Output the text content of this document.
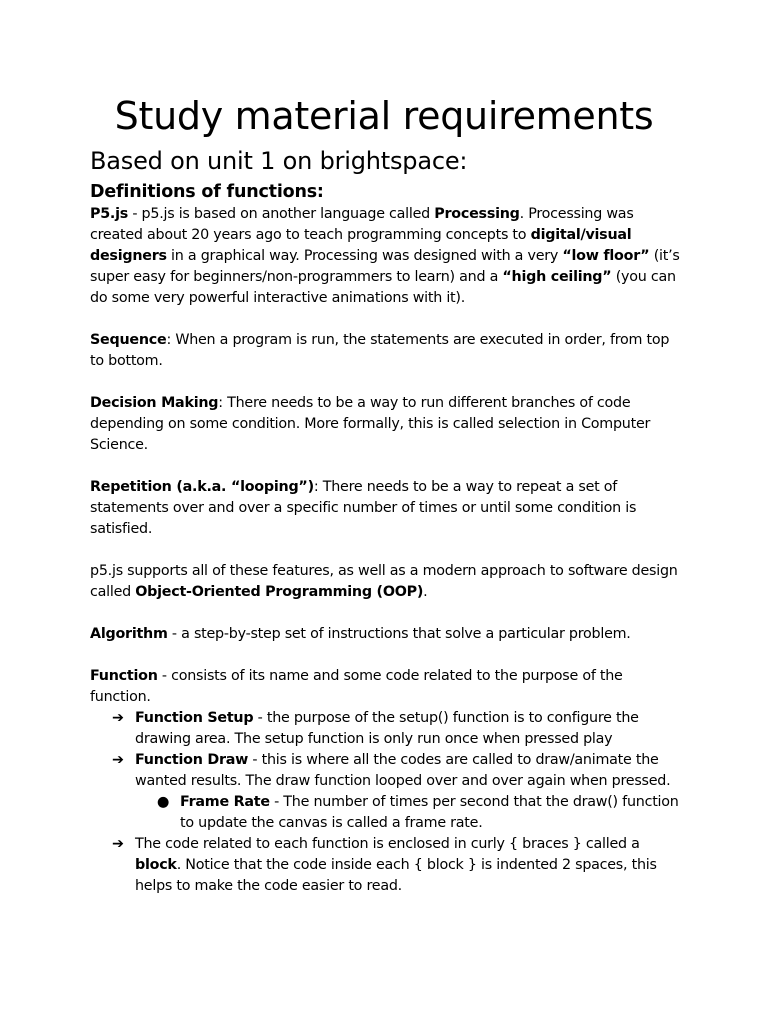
Study material requirements
Based on unit 1 on brightspace:
Definitions of functions:

P5.js - p5.js is based on another language called Processing. Processing was created about 20 years ago to teach programming concepts to digital/visual designers in a graphical way. Processing was designed with a very “low floor” (it’s super easy for beginners/non-programmers to learn) and a “high ceiling” (you can do some very powerful interactive animations with it).

Sequence: When a program is run, the statements are executed in order, from top to bottom.

Decision Making: There needs to be a way to run different branches of code depending on some condition. More formally, this is called selection in Computer Science.

Repetition (a.k.a. “looping”): There needs to be a way to repeat a set of statements over and over a specific number of times or until some condition is satisfied.

p5.js supports all of these features, as well as a modern approach to software design called Object-Oriented Programming (OOP).

Algorithm - a step-by-step set of instructions that solve a particular problem.

Function - consists of its name and some code related to the purpose of the function.

➔ Function Setup - the purpose of the setup() function is to configure the drawing area. The setup function is only run once when pressed play
➔ Function Draw - this is where all the codes are called to draw/animate the wanted results. The draw function looped over and over again when pressed.
● Frame Rate - The number of times per second that the draw() function to update the canvas is called a frame rate.
➔ The code related to each function is enclosed in curly { braces } called a block. Notice that the code inside each { block } is indented 2 spaces, this helps to make the code easier to read.
